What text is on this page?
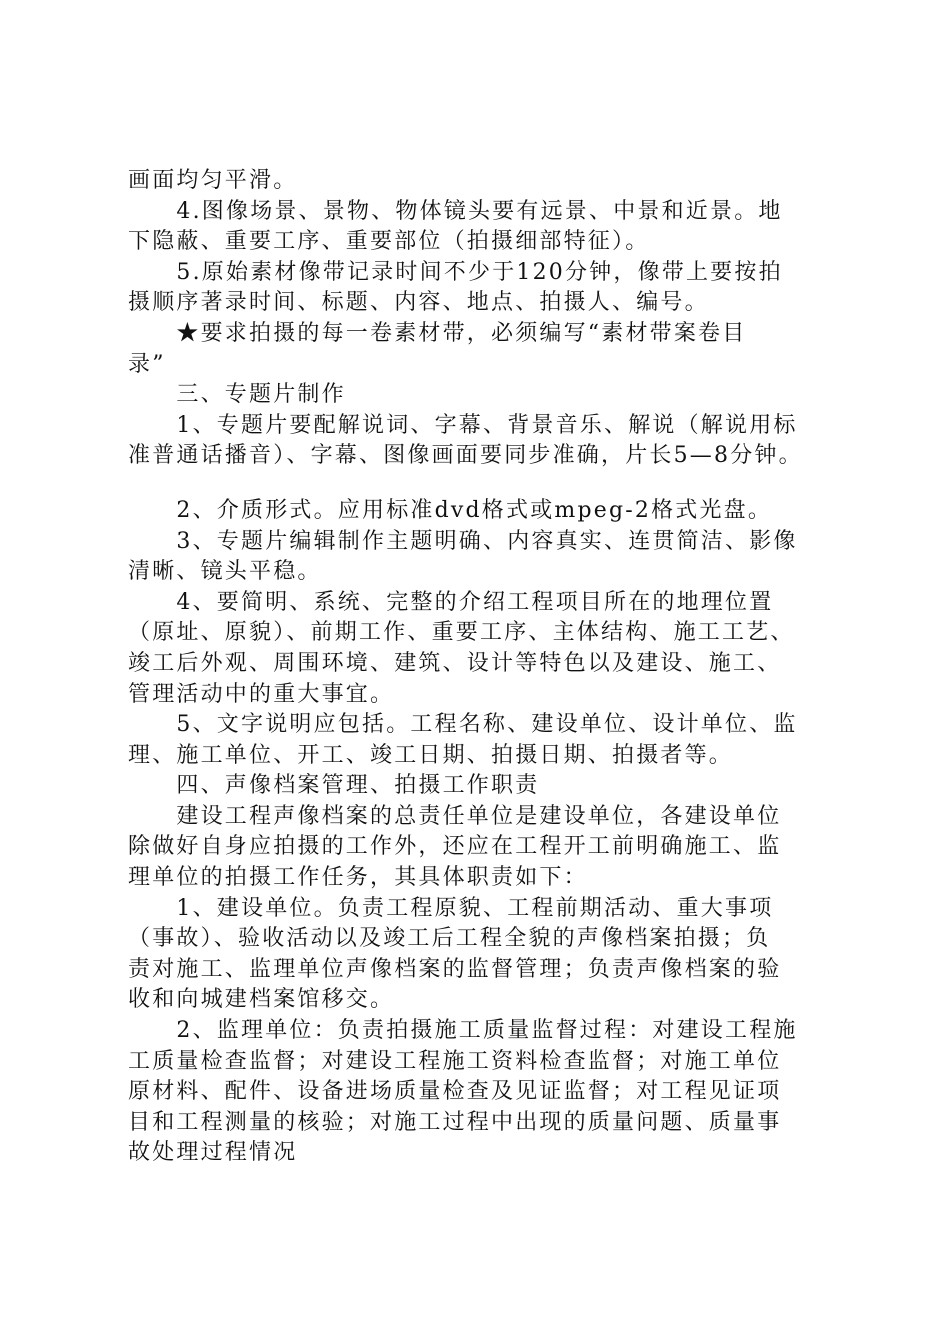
画面均匀平滑。

　　4.图像场景、景物、物体镜头要有远景、中景和近景。地

下隐蔽、重要工序、重要部位（拍摄细部特征）。

　　5.原始素材像带记录时间不少于120分钟，像带上要按拍

摄顺序著录时间、标题、内容、地点、拍摄人、编号。

　　★要求拍摄的每一卷素材带，必须编写“素材带案卷目

录”

　　三、专题片制作

　　1、专题片要配解说词、字幕、背景音乐、解说（解说用标

准普通话播音）、字幕、图像画面要同步准确，片长5—8分钟。

　　2、介质形式。应用标准dvd格式或mpeg-2格式光盘。

　　3、专题片编辑制作主题明确、内容真实、连贯简洁、影像

清晰、镜头平稳。

　　4、要简明、系统、完整的介绍工程项目所在的地理位置

（原址、原貌）、前期工作、重要工序、主体结构、施工工艺、

竣工后外观、周围环境、建筑、设计等特色以及建设、施工、

管理活动中的重大事宜。

　　5、文字说明应包括。工程名称、建设单位、设计单位、监

理、施工单位、开工、竣工日期、拍摄日期、拍摄者等。

　　四、声像档案管理、拍摄工作职责

　　建设工程声像档案的总责任单位是建设单位，各建设单位

除做好自身应拍摄的工作外，还应在工程开工前明确施工、监

理单位的拍摄工作任务，其具体职责如下：

　　1、建设单位。负责工程原貌、工程前期活动、重大事项

（事故）、验收活动以及竣工后工程全貌的声像档案拍摄；负

责对施工、监理单位声像档案的监督管理；负责声像档案的验

收和向城建档案馆移交。

　　2、监理单位：负责拍摄施工质量监督过程：对建设工程施

工质量检查监督；对建设工程施工资料检查监督；对施工单位

原材料、配件、设备进场质量检查及见证监督；对工程见证项

目和工程测量的核验；对施工过程中出现的质量问题、质量事

故处理过程情况
